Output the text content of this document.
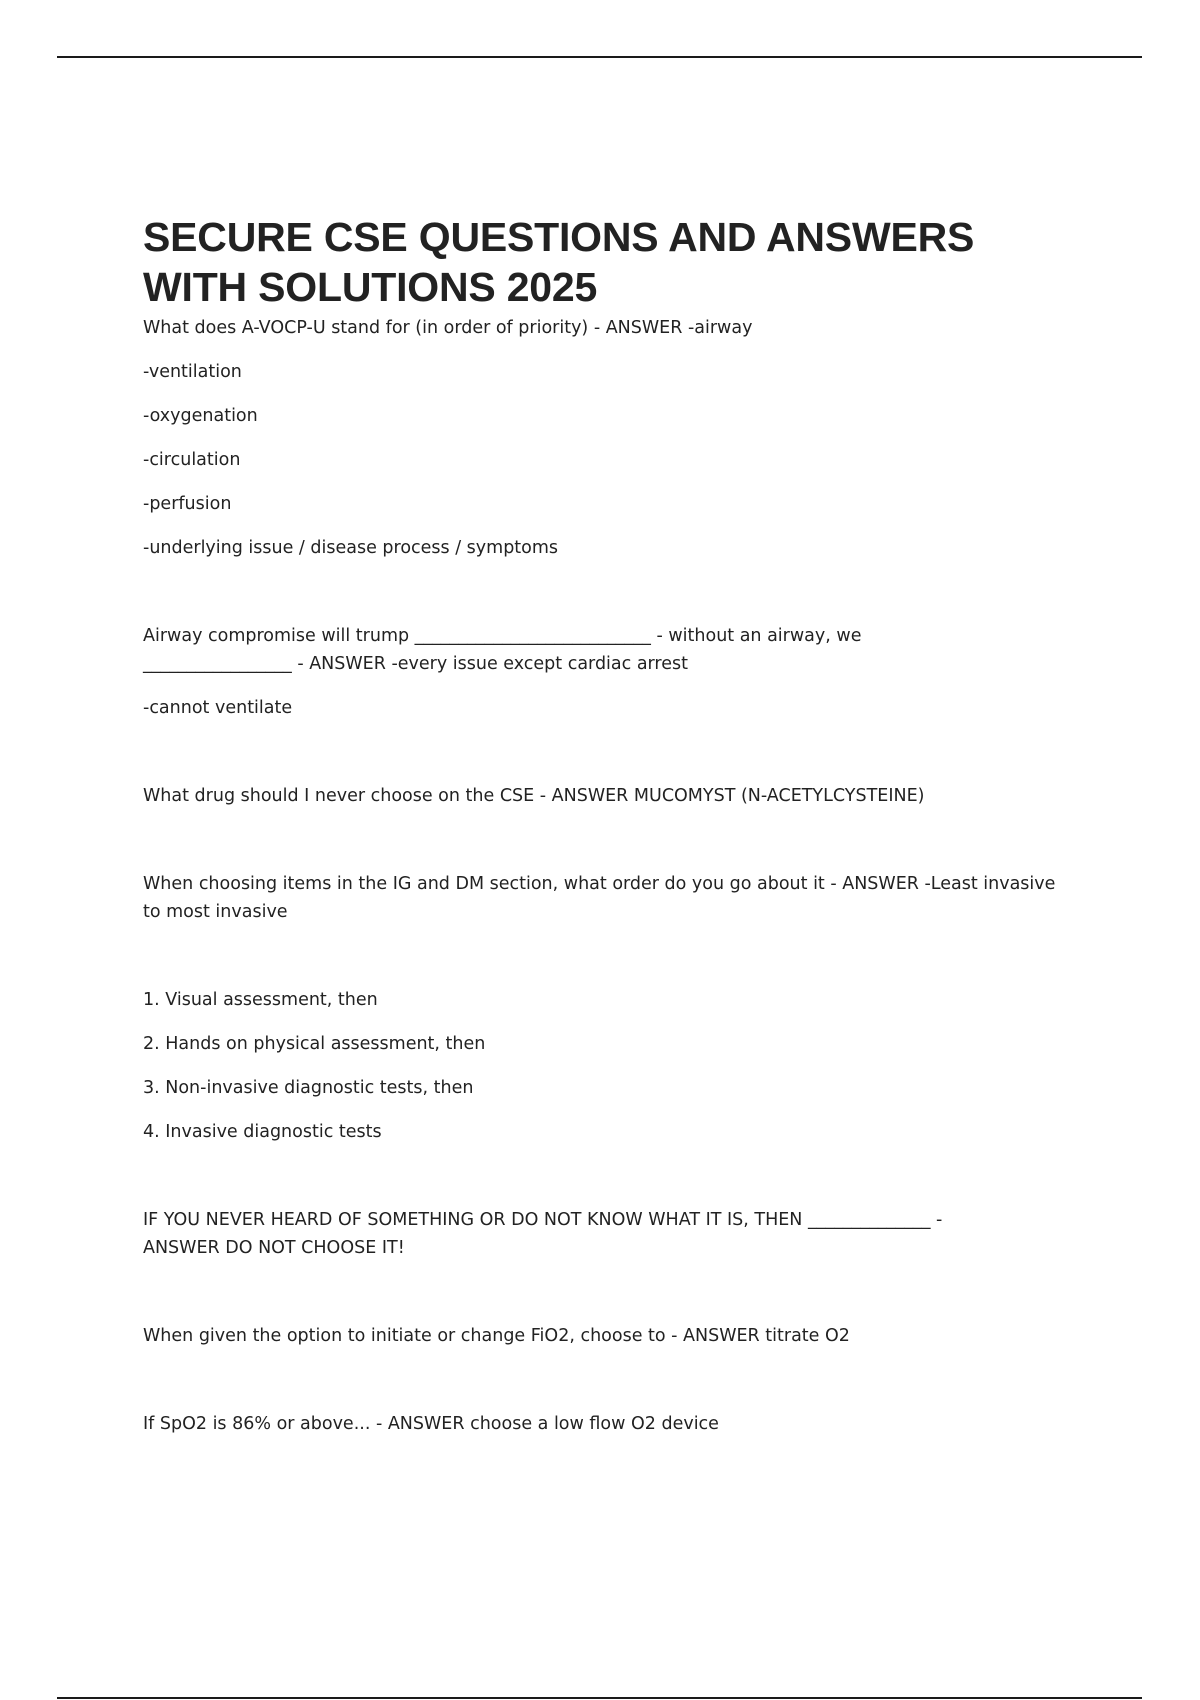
SECURE CSE QUESTIONS AND ANSWERS
WITH SOLUTIONS 2025

What does A-VOCP-U stand for (in order of priority) - ANSWER -airway

-ventilation

-oxygenation

-circulation

-perfusion

-underlying issue / disease process / symptoms

Airway compromise will trump ___________________________ - without an airway, we

_________________ - ANSWER -every issue except cardiac arrest

-cannot ventilate

What drug should I never choose on the CSE - ANSWER MUCOMYST (N-ACETYLCYSTEINE)

When choosing items in the IG and DM section, what order do you go about it - ANSWER -Least invasive

to most invasive

1. Visual assessment, then

2. Hands on physical assessment, then

3. Non-invasive diagnostic tests, then

4. Invasive diagnostic tests

IF YOU NEVER HEARD OF SOMETHING OR DO NOT KNOW WHAT IT IS, THEN ______________ -

ANSWER DO NOT CHOOSE IT!

When given the option to initiate or change FiO2, choose to - ANSWER titrate O2

If SpO2 is 86% or above... - ANSWER choose a low flow O2 device
